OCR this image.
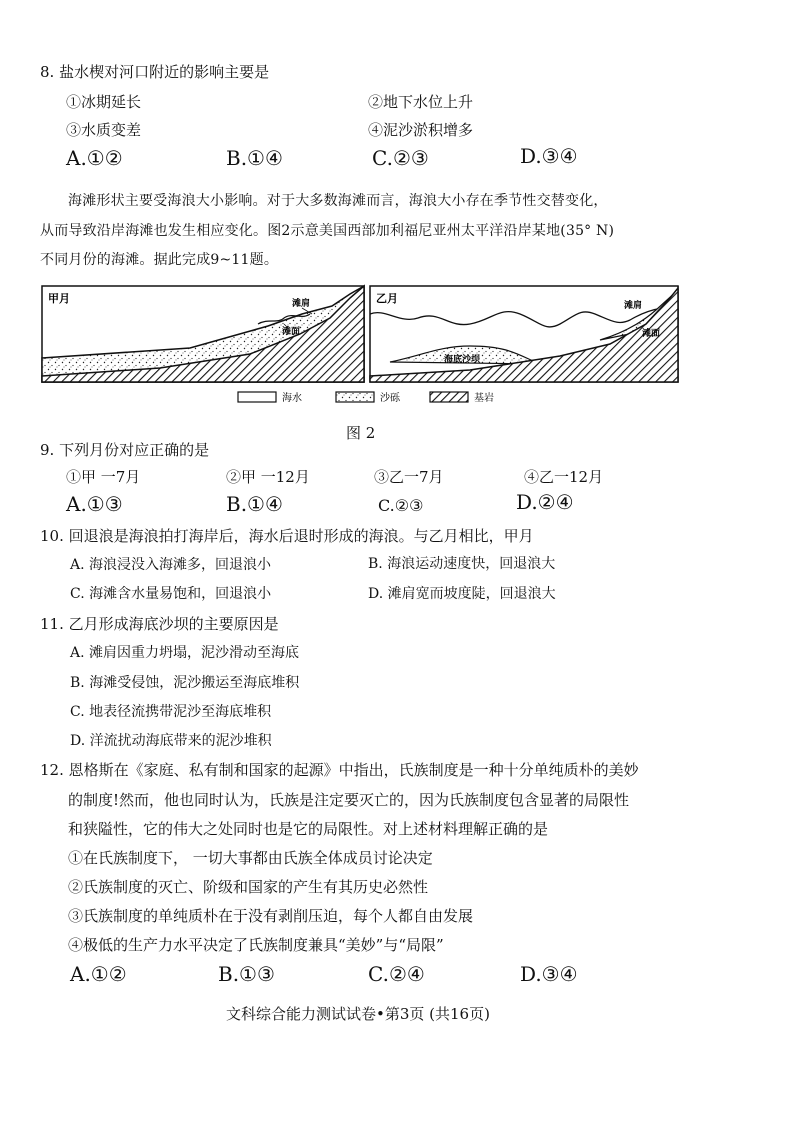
8. 盐水楔对河口附近的影响主要是
①冰期延长	②地下水位上升
③水质变差	④泥沙淤积增多
A.①②	B.①④	C.②③	D.③④
海滩形状主要受海浪大小影响。对于大多数海滩而言，海浪大小存在季节性交替变化，
从而导致沿岸海滩也发生相应变化。图2示意美国西部加利福尼亚州太平洋沿岸某地(35° N)
不同月份的海滩。据此完成9~11题。
甲月	滩肩
滩面
乙月
滩肩
滩面
海底沙坝
海水	沙砾	基岩
图 2
9. 下列月份对应正确的是
①甲 一7月	②甲 一12月	③乙一7月	④乙一12月
A.①③	B.①④	C.②③	D.②④
10. 回退浪是海浪拍打海岸后，海水后退时形成的海浪。与乙月相比，甲月
A. 海浪浸没入海滩多，回退浪小	B. 海浪运动速度快，回退浪大
C. 海滩含水量易饱和，回退浪小	D. 滩肩宽而坡度陡，回退浪大
11. 乙月形成海底沙坝的主要原因是
A. 滩肩因重力坍塌，泥沙滑动至海底
B. 海滩受侵蚀，泥沙搬运至海底堆积
C. 地表径流携带泥沙至海底堆积
D. 洋流扰动海底带来的泥沙堆积
12. 恩格斯在《家庭、私有制和国家的起源》中指出，氏族制度是一种十分单纯质朴的美妙
的制度!然而，他也同时认为，氏族是注定要灭亡的，因为氏族制度包含显著的局限性
和狭隘性，它的伟大之处同时也是它的局限性。对上述材料理解正确的是
①在氏族制度下， 一切大事都由氏族全体成员讨论决定
②氏族制度的灭亡、阶级和国家的产生有其历史必然性
③氏族制度的单纯质朴在于没有剥削压迫，每个人都自由发展
④极低的生产力水平决定了氏族制度兼具“美妙”与“局限”
A.①②	B.①③	C.②④	D.③④
文科综合能力测试试卷•第3页 (共16页)
